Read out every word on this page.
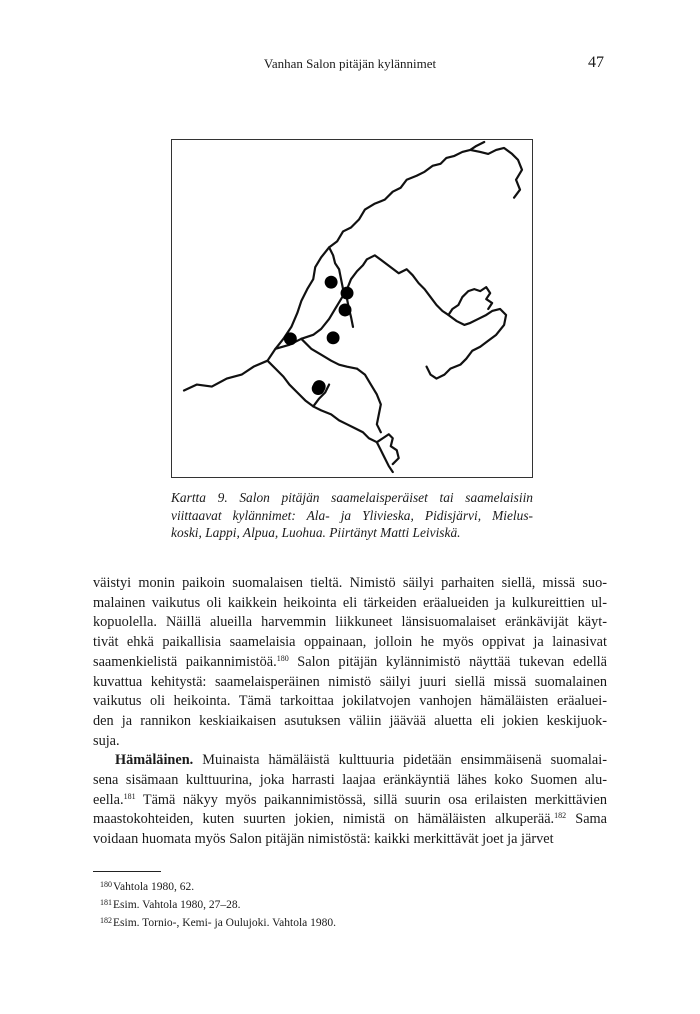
Vanhan Salon pitäjän kylännimet	47
Kartta 9. Salon pitäjän saamelaisperäiset tai saamelaisiin
viittaavat kylännimet: Ala- ja Ylivieska, Pidisjärvi, Mielus-
koski, Lappi, Alpua, Luohua. Piirtänyt Matti Leiviskä.
väistyi monin paikoin suomalaisen tieltä. Nimistö säilyi parhaiten siellä, missä suo-
malainen vaikutus oli kaikkein heikointa eli tärkeiden eräalueiden ja kulkureittien ul-
kopuolella. Näillä alueilla harvemmin liikkuneet länsisuomalaiset eränkävijät käyt-
tivät ehkä paikallisia saamelaisia oppainaan, jolloin he myös oppivat ja lainasivat
saamenkielistä paikannimistöä.$^{180}$ Salon pitäjän kylännimistö näyttää tukevan edellä
kuvattua kehitystä: saamelaisperäinen nimistö säilyi juuri siellä missä suomalainen
vaikutus oli heikointa. Tämä tarkoittaa jokilatvojen vanhojen hämäläisten eräaluei-
den ja rannikon keskiaikaisen asutuksen väliin jäävää aluetta eli jokien keskijuok-
suja.
Hämäläinen. Muinaista hämäläistä kulttuuria pidetään ensimmäisenä suomalai-
sena sisämaan kulttuurina, joka harrasti laajaa eränkäyntiä lähes koko Suomen alu-
eella.$^{181}$ Tämä näkyy myös paikannimistössä, sillä suurin osa erilaisten merkittävien
maastokohteiden, kuten suurten jokien, nimistä on hämäläisten alkuperää.$^{182}$ Sama
voidaan huomata myös Salon pitäjän nimistöstä: kaikki merkittävät joet ja järvet
180Vahtola 1980, 62.
181Esim. Vahtola 1980, 27–28.
182Esim. Tornio-, Kemi- ja Oulujoki. Vahtola 1980.
